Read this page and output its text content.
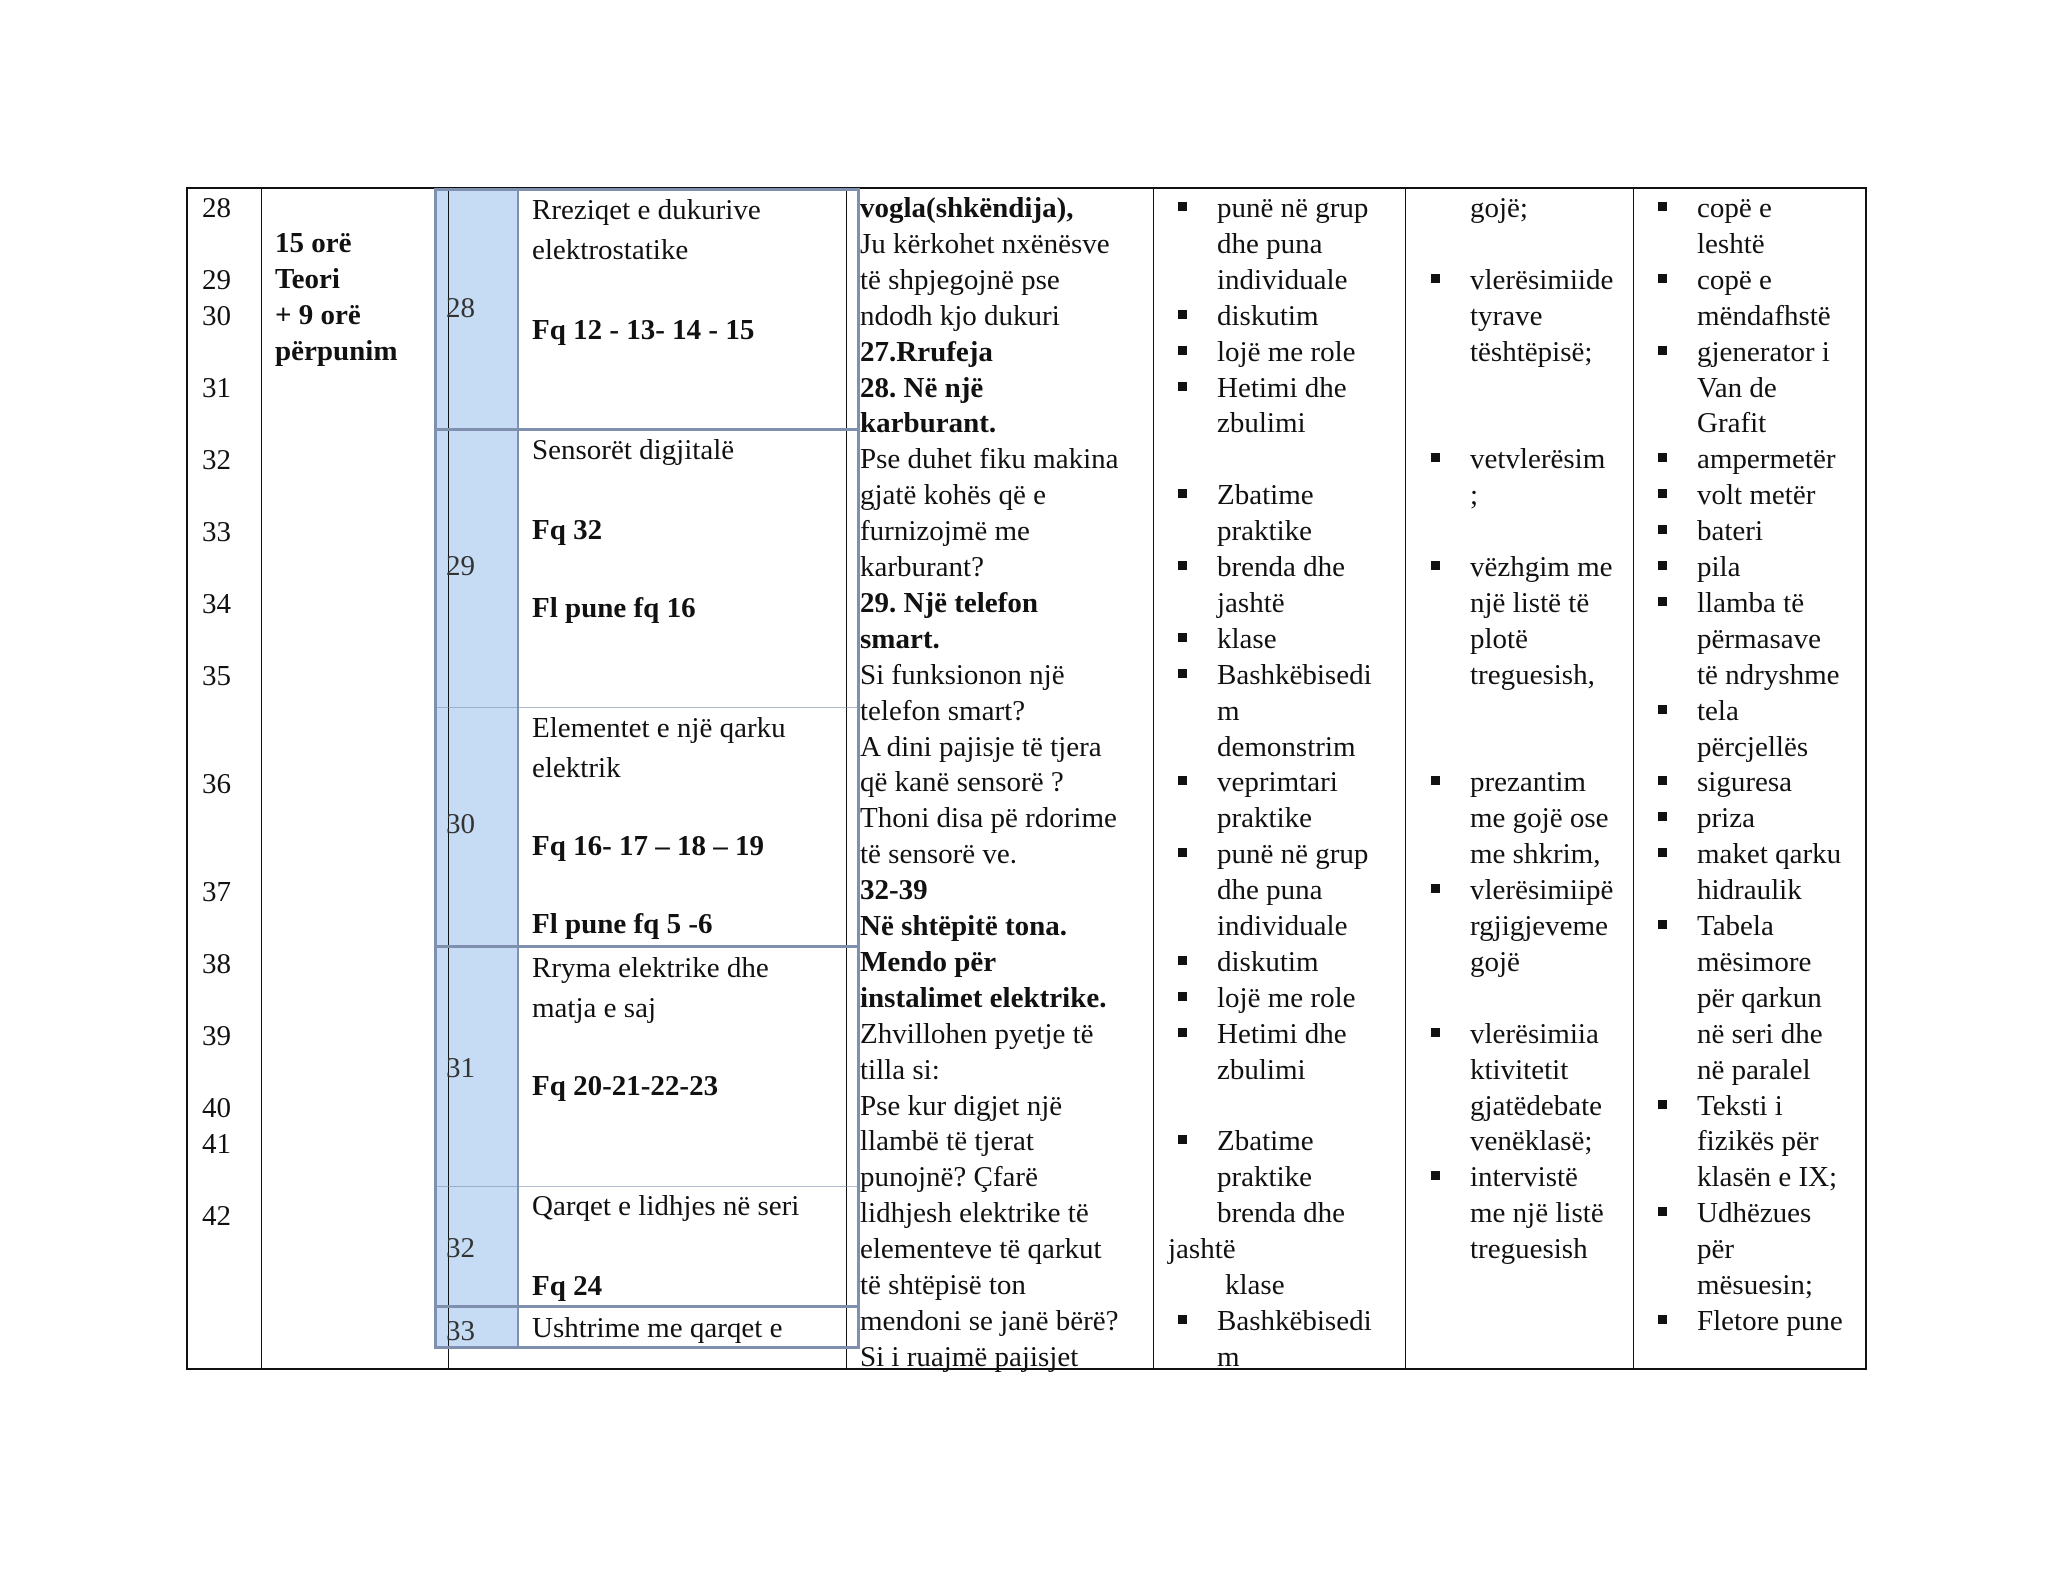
28
29
30
31
32
33
34
35
36
37
38
39
40
41
42
15 orë
Teori
+ 9 orë
përpunim
28
29
30
31
32
33
Rreziqet e dukurive
elektrostatike
Fq 12 - 13- 14 - 15
Sensorët digjitalë
Fq 32
Fl pune fq 16
Elementet e një qarku
elektrik
Fq 16- 17 – 18 – 19
Fl pune fq 5 -6
Rryma elektrike dhe
matja e saj
Fq 20-21-22-23
Qarqet e lidhjes në seri
Fq 24
Ushtrime me qarqet e
vogla(shkëndija),
Ju kërkohet nxënësve
të shpjegojnë pse
ndodh kjo dukuri
27.Rrufeja
28. Në një
karburant.
Pse duhet fiku makina
gjatë kohës që e
furnizojmë me
karburant?
29. Një telefon
smart.
Si funksionon një
telefon smart?
A dini pajisje të tjera
që kanë sensorë ?
Thoni disa pë rdorime
të sensorë ve.
32-39
Në shtëpitë tona.
Mendo për
instalimet elektrike.
Zhvillohen pyetje të
tilla si:
Pse kur digjet një
llambë të tjerat
punojnë? Çfarë
lidhjesh elektrike të
elementeve të qarkut
të shtëpisë ton
mendoni se janë bërë?
Si i ruajmë pajisjet
punë në grup
dhe puna
individuale
diskutim
lojë me role
Hetimi dhe
zbulimi
Zbatime
praktike
brenda dhe
jashtë
klase
Bashkëbisedi
m
demonstrim
veprimtari
praktike
punë në grup
dhe puna
individuale
diskutim
lojë me role
Hetimi dhe
zbulimi
Zbatime
praktike
brenda dhe
jashtë
klase
Bashkëbisedi
m
gojë;
vlerësimiide
tyrave
tështëpisë;
vetvlerësim
;
vëzhgim me
një listë të
plotë
treguesish,
prezantim
me gojë ose
me shkrim,
vlerësimiipë
rgjigjeveme
gojë
vlerësimiia
ktivitetit
gjatëdebate
venëklasë;
intervistë
me një listë
treguesish
copë e
leshtë
copë e
mëndafhstë
gjenerator i
Van de
Grafit
ampermetër
volt metër
bateri
pila
llamba të
përmasave
të ndryshme
tela
përcjellës
siguresa
priza
maket qarku
hidraulik
Tabela
mësimore
për qarkun
në seri dhe
në paralel
Teksti i
fizikës për
klasën e IX;
Udhëzues
për
mësuesin;
Fletore pune
